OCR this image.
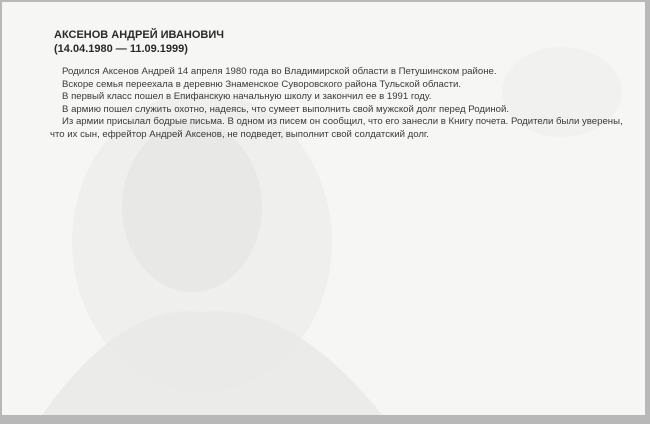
АКСЕНОВ АНДРЕЙ ИВАНОВИЧ
(14.04.1980 — 11.09.1999)

Родился Аксенов Андрей 14 апреля 1980 года во Владимирской области в Петушинском районе.

Вскоре семья переехала в деревню Знаменское Суворовского района Тульской области.

В первый класс пошел в Епифанскую начальную школу и закончил ее в 1991 году.

В армию пошел служить охотно, надеясь, что сумеет выполнить свой мужской долг перед Родиной.

Из армии присылал бодрые письма. В одном из писем он сообщил, что его занесли в Книгу почета. Родители были уверены, что их сын, ефрейтор Андрей Аксенов, не подведет, выполнит свой солдатский долг.
